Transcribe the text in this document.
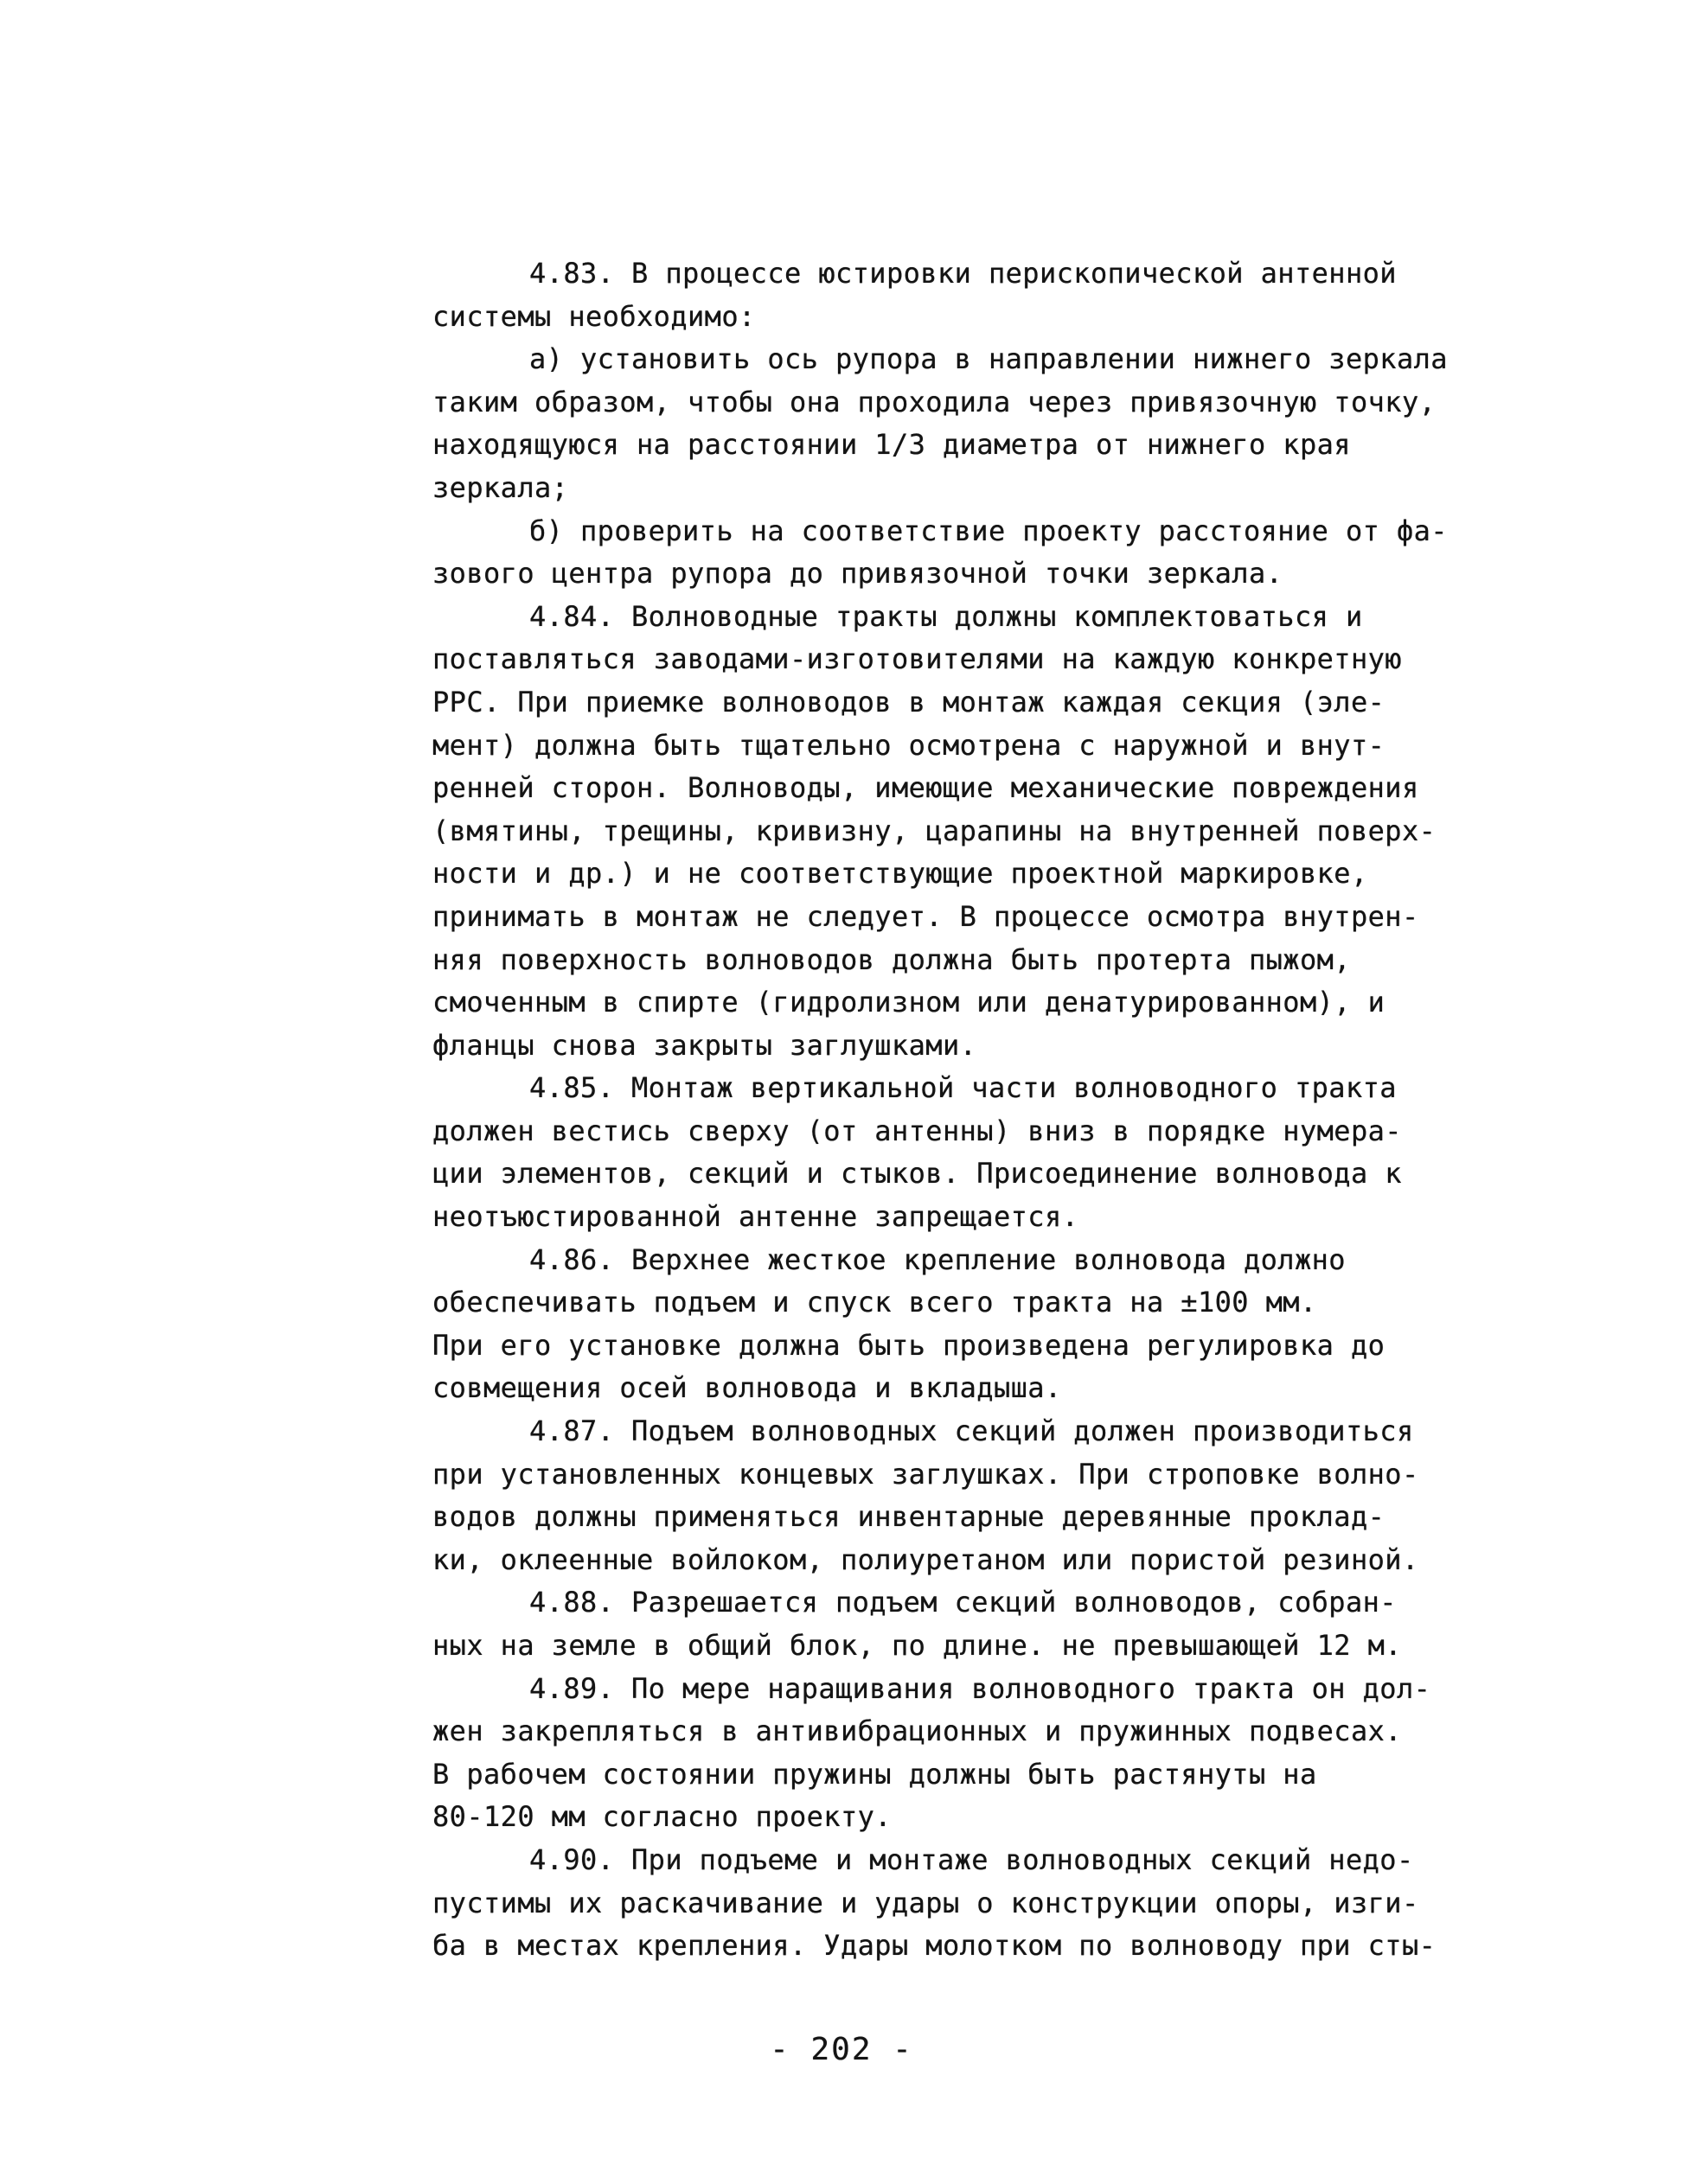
4.83. В процессе юстировки перископической антенной
системы необходимо:
а) установить ось рупора в направлении нижнего зеркала
таким образом, чтобы она проходила через привязочную точку,
находящуюся на расстоянии 1/3 диаметра от нижнего края
зеркала;
б) проверить на соответствие проекту расстояние от фа-
зового центра рупора до привязочной точки зеркала.
4.84. Волноводные тракты должны комплектоваться и
поставляться заводами-изготовителями на каждую конкретную
РРС. При приемке волноводов в монтаж каждая секция (эле-
мент) должна быть тщательно осмотрена с наружной и внут-
ренней сторон. Волноводы, имеющие механические повреждения
(вмятины, трещины, кривизну, царапины на внутренней поверх-
ности и др.) и не соответствующие проектной маркировке,
принимать в монтаж не следует. В процессе осмотра внутрен-
няя поверхность волноводов должна быть протерта пыжом,
смоченным в спирте (гидролизном или денатурированном), и
фланцы снова закрыты заглушками.
4.85. Монтаж вертикальной части волноводного тракта
должен вестись сверху (от антенны) вниз в порядке нумера-
ции элементов, секций и стыков. Присоединение волновода к
неотъюстированной антенне запрещается.
4.86. Верхнее жесткое крепление волновода должно
обеспечивать подъем и спуск всего тракта на ±100 мм.
При его установке должна быть произведена регулировка до
совмещения осей волновода и вкладыша.
4.87. Подъем волноводных секций должен производиться
при установленных концевых заглушках. При строповке волно-
водов должны применяться инвентарные деревянные проклад-
ки, оклеенные войлоком, полиуретаном или пористой резиной.
4.88. Разрешается подъем секций волноводов, собран-
ных на земле в общий блок, по длине. не превышающей 12 м.
4.89. По мере наращивания волноводного тракта он дол-
жен закрепляться в антивибрационных и пружинных подвесах.
В рабочем состоянии пружины должны быть растянуты на
80-120 мм согласно проекту.
4.90. При подъеме и монтаже волноводных секций недо-
пустимы их раскачивание и удары о конструкции опоры, изги-
ба в местах крепления. Удары молотком по волноводу при сты-
- 202 -
